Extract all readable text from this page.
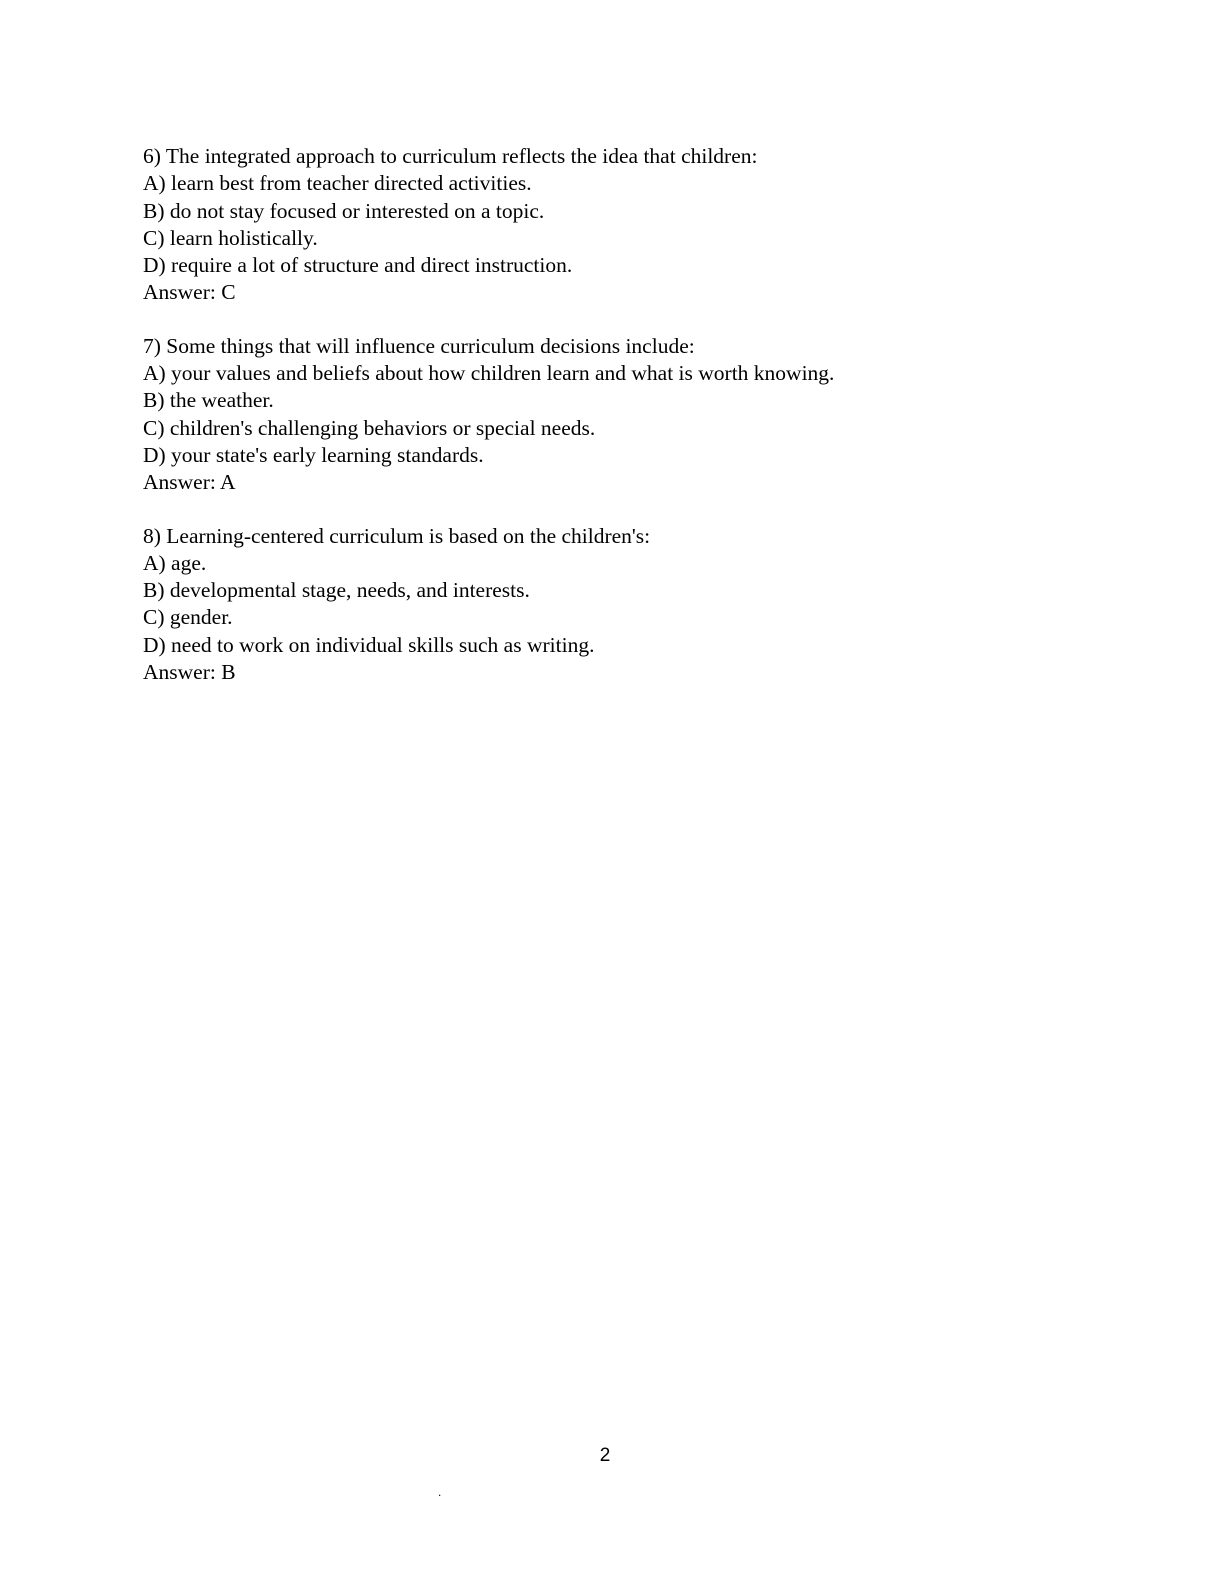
6) The integrated approach to curriculum reflects the idea that children:

A) learn best from teacher directed activities.

B) do not stay focused or interested on a topic.

C) learn holistically.

D) require a lot of structure and direct instruction.

Answer: C

7) Some things that will influence curriculum decisions include:

A) your values and beliefs about how children learn and what is worth knowing.

B) the weather.

C) children's challenging behaviors or special needs.

D) your state's early learning standards.

Answer: A

8) Learning-centered curriculum is based on the children's:

A) age.

B) developmental stage, needs, and interests.

C) gender.

D) need to work on individual skills such as writing.

Answer: B

2
.
